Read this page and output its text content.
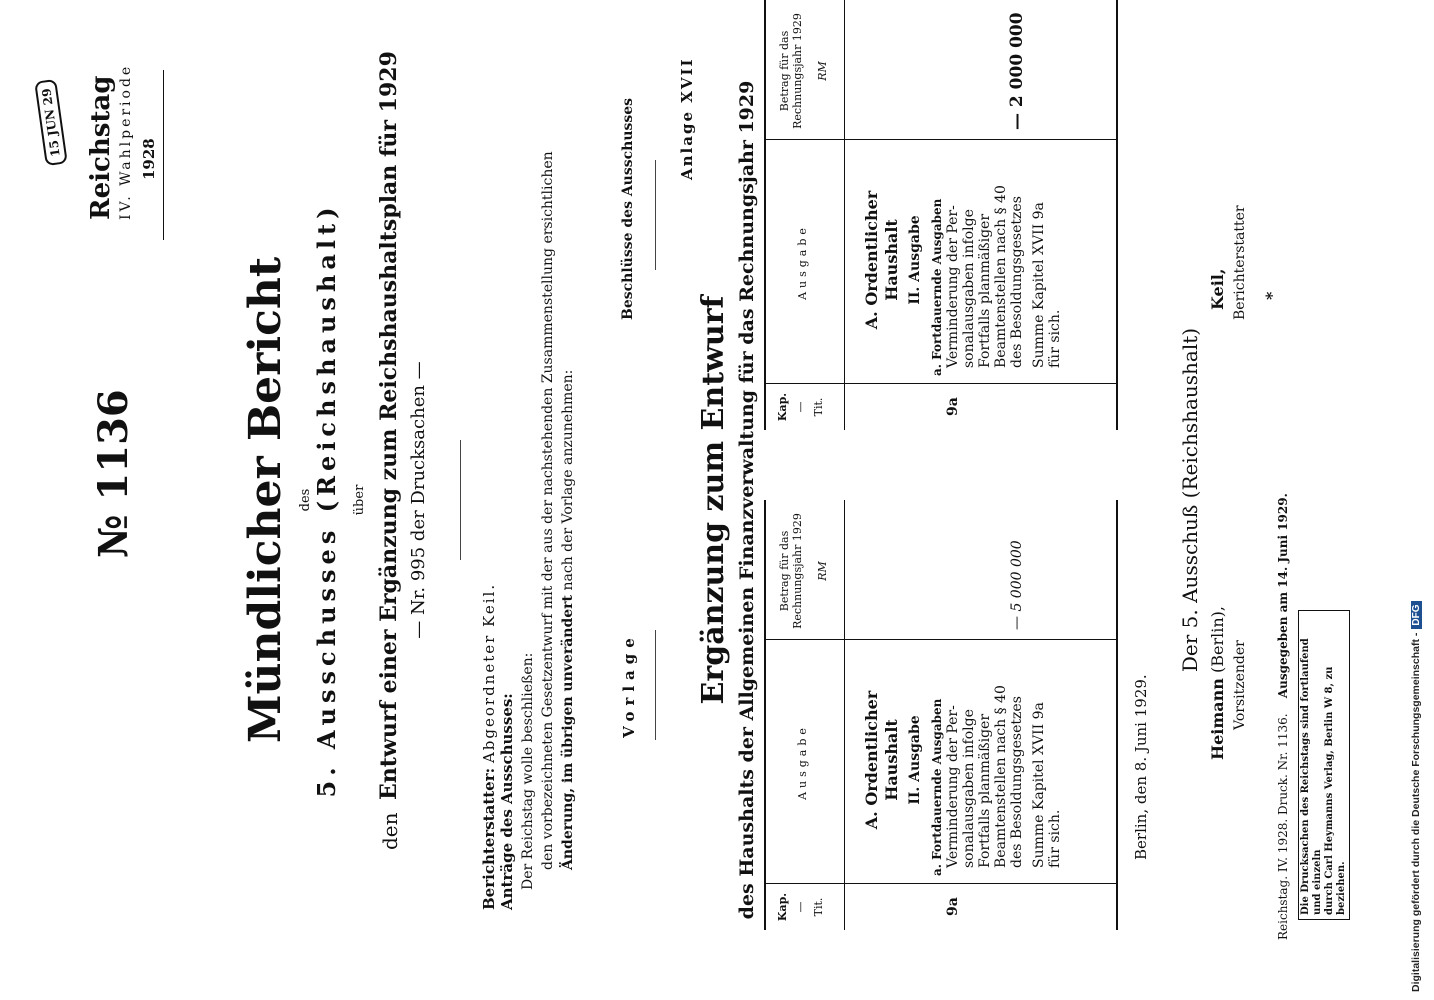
15 JUN 29 Reichstag IV. Wahlperiode 1928
№ 1136 Mündlicher Bericht des 5. Ausschusses (Reichshaushalt) über
den
Entwurf einer Ergänzung zum Reichshaushaltsplan für 1929 — Nr. 995 der Drucksachen —
Berichterstatter: Abgeordneter Keil.
Anträge des Ausschusses: Der Reichstag wolle beschließen: den vorbezeichneten Gesetzentwurf mit der aus der nachstehenden Zusammenstellung ersichtlichen Änderung, im übrigen unverändert nach der Vorlage anzunehmen:
Vorlage
Beschlüsse des Ausschusses	Anlage XVII
Ergänzung zum Entwurf des Haushalts der Allgemeinen Finanzverwaltung für das Rechnungsjahr 1929 Kap. — Tit.
Ausgabe
Betrag für das Rechnungsjahr 1929 RM
9a
A. Ordentlicher Haushalt II. Ausgabe a. Fortdauernde Ausgaben Verminderung der Per- sonalausgaben infolge Fortfalls planmäßiger Beamtenstellen nach § 40 des Besoldungsgesetzes Summe Kapitel XVII 9a für sich.
— 5 000 000
Kap. — Tit.
Ausgabe
Betrag für das Rechnungsjahr 1929 RM
9a
A. Ordentlicher Haushalt II. Ausgabe a. Fortdauernde Ausgaben Verminderung der Per- sonalausgaben infolge Fortfalls planmäßiger Beamtenstellen nach § 40 des Besoldungsgesetzes Summe Kapitel XVII 9a für sich.
— 2 000 000
Berlin, den 8. Juni 1929.
Der 5. Ausschuß (Reichshaushalt)
Heimann (Berlin),
Vorsitzender
Keil, Berichterstatter *
Reichstag. IV. 1928. Druck. Nr. 1136.    Ausgegeben am 14. Juni 1929.
Die Drucksachen des Reichstags sind fortlaufend und einzeln durch Carl Heymanns Verlag, Berlin W 8, zu beziehen.	Digitalisierung gefördert durch die Deutsche Forschungsgemeinschaft -DFG
